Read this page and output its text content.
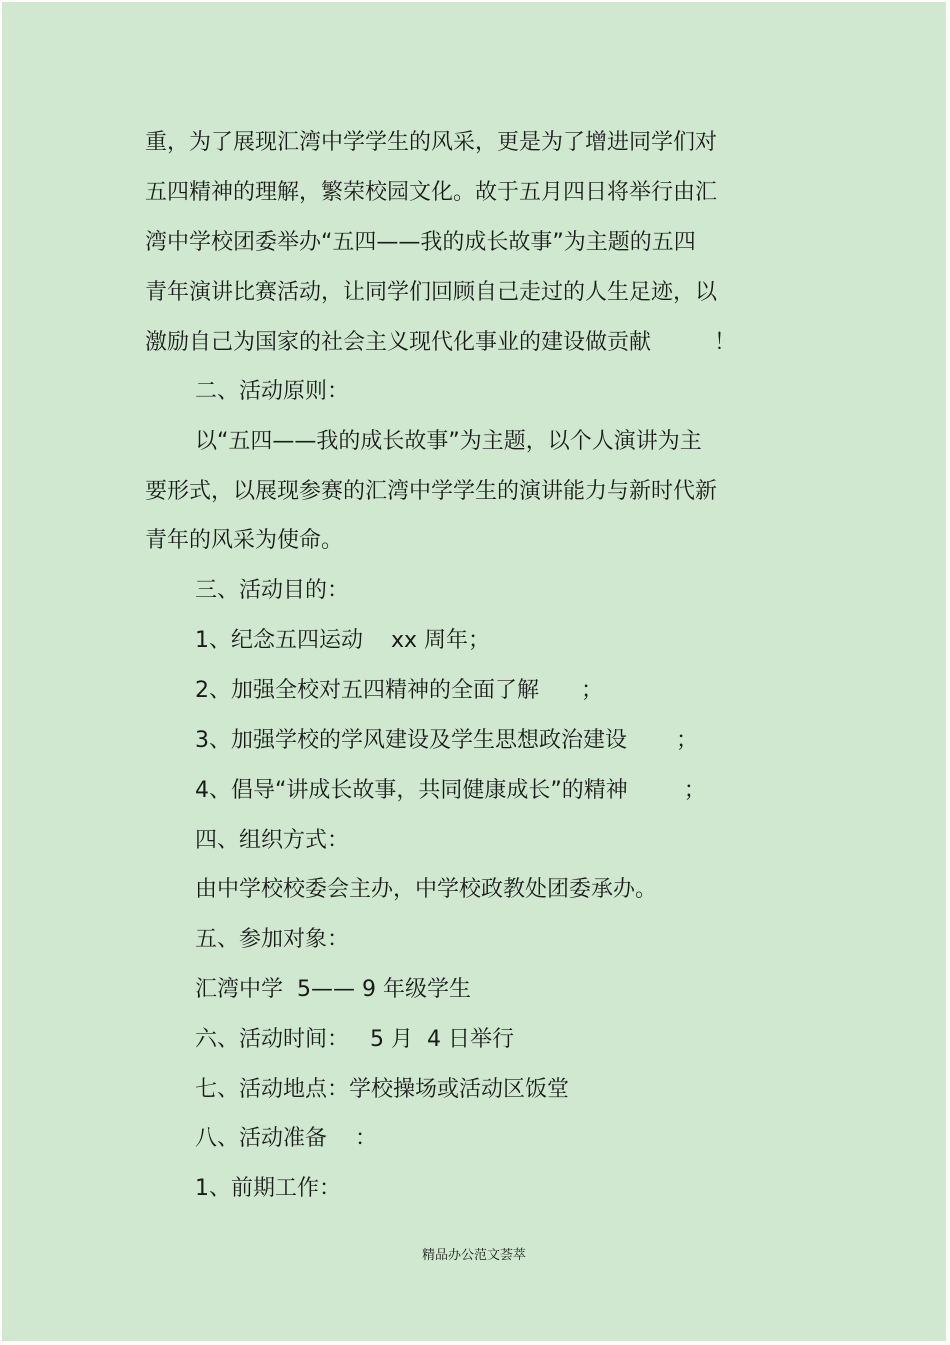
重，为了展现汇湾中学学生的风采，更是为了增进同学们对
五四精神的理解，繁荣校园文化。故于五月四日将举行由汇
湾中学校团委举办“五四——我的成长故事”为主题的五四
青年演讲比赛活动，让同学们回顾自己走过的人生足迹，以
激励自己为国家的社会主义现代化事业的建设做贡献         ！
二、活动原则：
以“五四——我的成长故事”为主题，以个人演讲为主
要形式，以展现参赛的汇湾中学学生的演讲能力与新时代新
青年的风采为使命。
三、活动目的：
1、纪念五四运动    xx 周年；
2、加强全校对五四精神的全面了解      ；
3、加强学校的学风建设及学生思想政治建设       ；
4、倡导“讲成长故事，共同健康成长”的精神        ；
四、组织方式：
由中学校校委会主办，中学校政教处团委承办。
五、参加对象：
汇湾中学  5—— 9 年级学生
六、活动时间：   5 月  4 日举行
七、活动地点：学校操场或活动区饭堂
八、活动准备    ：
1、前期工作：
精品办公范文荟萃
